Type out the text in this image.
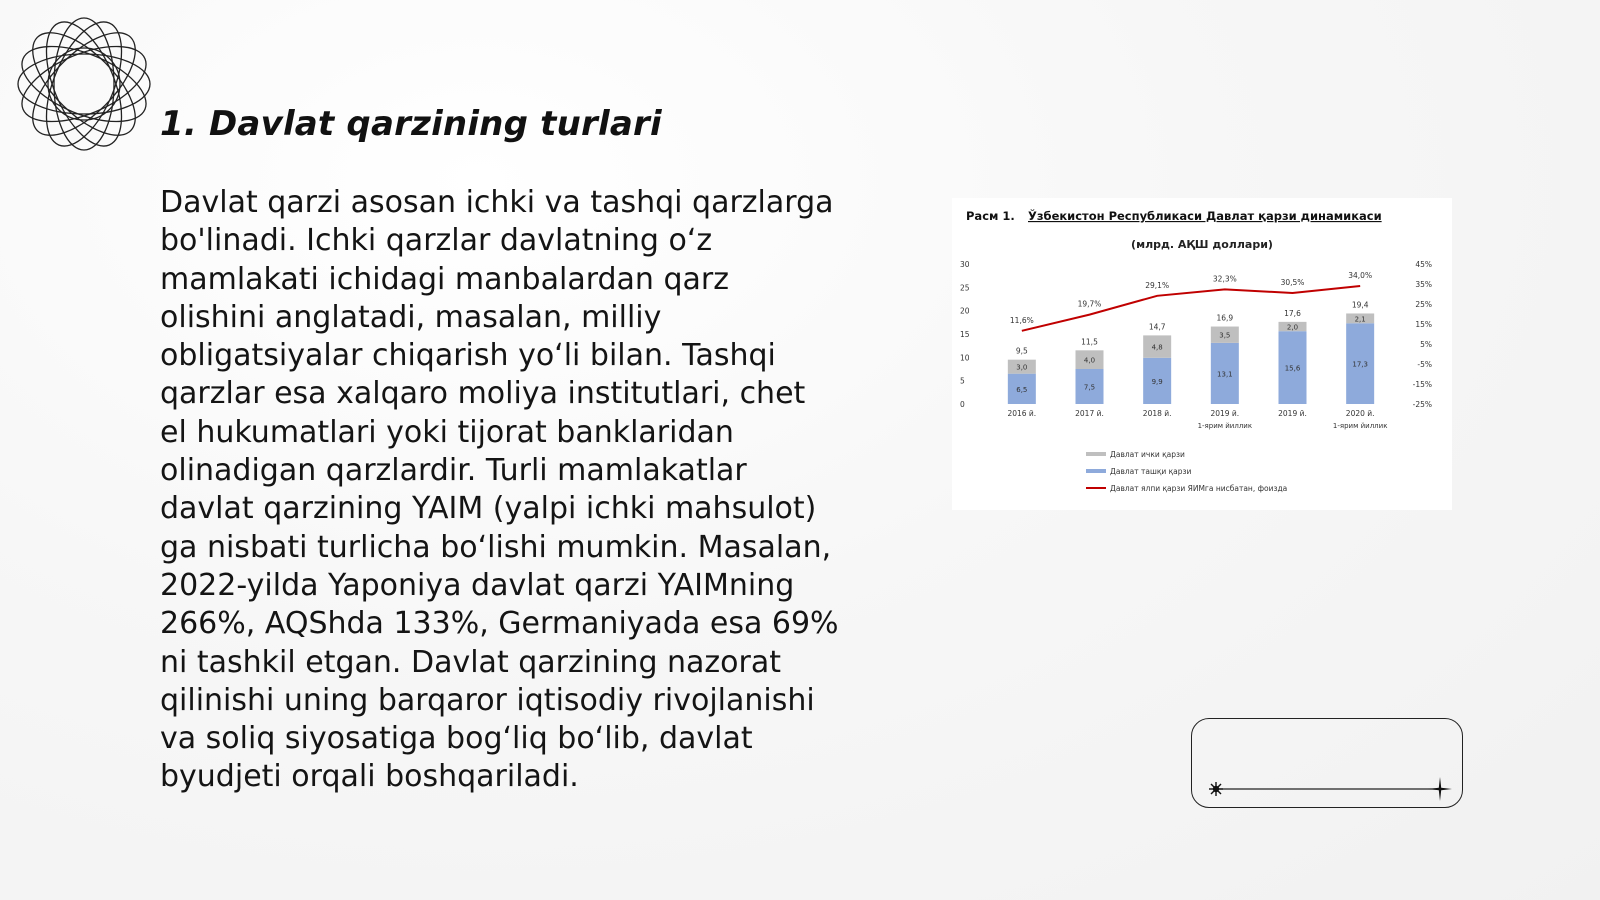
1. Davlat qarzining turlari

Davlat qarzi asosan ichki va tashqi qarzlarga bo'linadi. Ichki qarzlar davlatning o‘z mamlakati ichidagi manbalardan qarz olishini anglatadi, masalan, milliy obligatsiyalar chiqarish yo‘li bilan. Tashqi qarzlar esa xalqaro moliya institutlari, chet el hukumatlari yoki tijorat banklaridan olinadigan qarzlardir. Turli mamlakatlar davlat qarzining YAIM (yalpi ichki mahsulot) ga nisbati turlicha bo‘lishi mumkin. Masalan, 2022-yilda Yaponiya davlat qarzi YAIMning 266%, AQShda 133%, Germaniyada esa 69% ni tashkil etgan. Davlat qarzining nazorat qilinishi uning barqaror iqtisodiy rivojlanishi va soliq siyosatiga bog‘liq bo‘lib, davlat byudjeti orqali boshqariladi.

Расм 1. Ўзбекистон Республикаси Давлат қарзи динамикаси
(млрд. АҚШ доллари)
0
5
10
15
20
25
30
-25%
-15%
-5%
5%
15%
25%
35%
45%
6,5
3,0
9,5
7,5
4,0
11,5
9,9
4,8
14,7
13,1
3,5
16,9
15,6
2,0
17,6
17,3
2,1
19,4
11,6%
19,7%
29,1%
32,3%	30,5%
34,0%
2016 й.	2017 й.	2018 й.	2019 й.
1-ярим йиллик
2019 й.	2020 й.
1-ярим йиллик
Давлат ички қарзи
Давлат ташқи қарзи
Давлат ялпи қарзи ЯИМга нисбатан, фоизда
